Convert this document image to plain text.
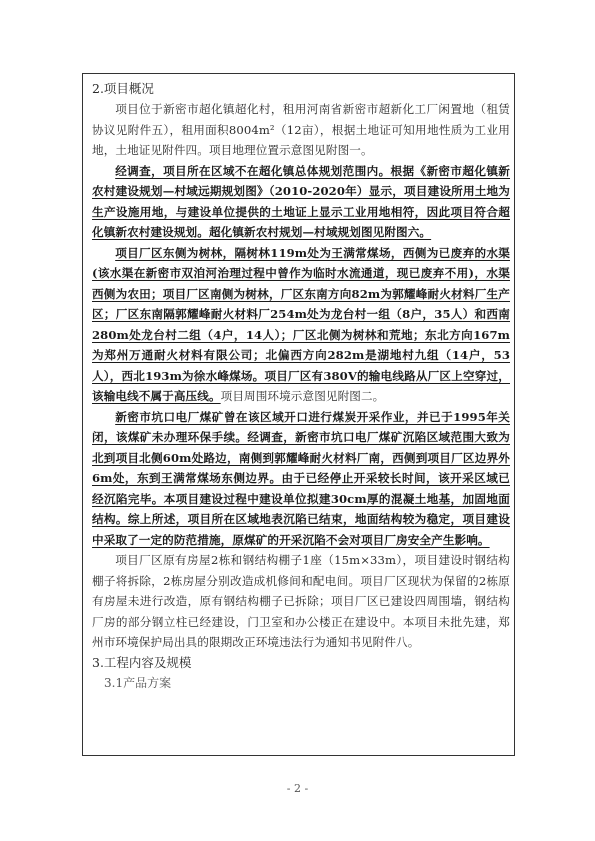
2.项目概况

项目位于新密市超化镇超化村，租用河南省新密市超新化工厂闲置地（租赁协议见附件五），租用面积8004m²（12亩），根据土地证可知用地性质为工业用地，土地证见附件四。项目地理位置示意图见附图一。

经调查，项目所在区域不在超化镇总体规划范围内。根据《新密市超化镇新农村建设规划—村域远期规划图》（2010-2020年）显示，项目建设所用土地为生产设施用地，与建设单位提供的土地证上显示工业用地相符，因此项目符合超化镇新农村建设规划。超化镇新农村规划—村域规划图见附图六。

项目厂区东侧为树林，隔树林119m处为王满常煤场，西侧为已废弃的水渠(该水渠在新密市双洎河治理过程中曾作为临时水流通道，现已废弃不用)，水渠西侧为农田；项目厂区南侧为树林，厂区东南方向82m为郭耀峰耐火材料厂生产区；厂区东南隔郭耀峰耐火材料厂254m处为龙台村一组（8户，35人）和西南280m处龙台村二组（4户，14人）；厂区北侧为树林和荒地；东北方向167m为郑州万通耐火材料有限公司；北偏西方向282m是湖地村九组（14户，53人），西北193m为徐水峰煤场。项目厂区有380V的输电线路从厂区上空穿过，该输电线不属于高压线。项目周围环境示意图见附图二。

新密市坑口电厂煤矿曾在该区域开口进行煤炭开采作业，并已于1995年关闭，该煤矿未办理环保手续。经调查，新密市坑口电厂煤矿沉陷区域范围大致为北到项目北侧60m处路边，南侧到郭耀峰耐火材料厂南，西侧到项目厂区边界外6m处，东到王满常煤场东侧边界。由于已经停止开采较长时间，该开采区域已经沉陷完毕。本项目建设过程中建设单位拟建30cm厚的混凝土地基，加固地面结构。综上所述，项目所在区域地表沉陷已结束，地面结构较为稳定，项目建设中采取了一定的防范措施，原煤矿的开采沉陷不会对项目厂房安全产生影响。

项目厂区原有房屋2栋和钢结构棚子1座（15m×33m），项目建设时钢结构棚子将拆除，2栋房屋分别改造成机修间和配电间。项目厂区现状为保留的2栋原有房屋未进行改造，原有钢结构棚子已拆除；项目厂区已建设四周围墙，钢结构厂房的部分钢立柱已经建设，门卫室和办公楼正在建设中。本项目未批先建，郑州市环境保护局出具的限期改正环境违法行为通知书见附件八。

3.工程内容及规模

3.1产品方案

- 2 -
